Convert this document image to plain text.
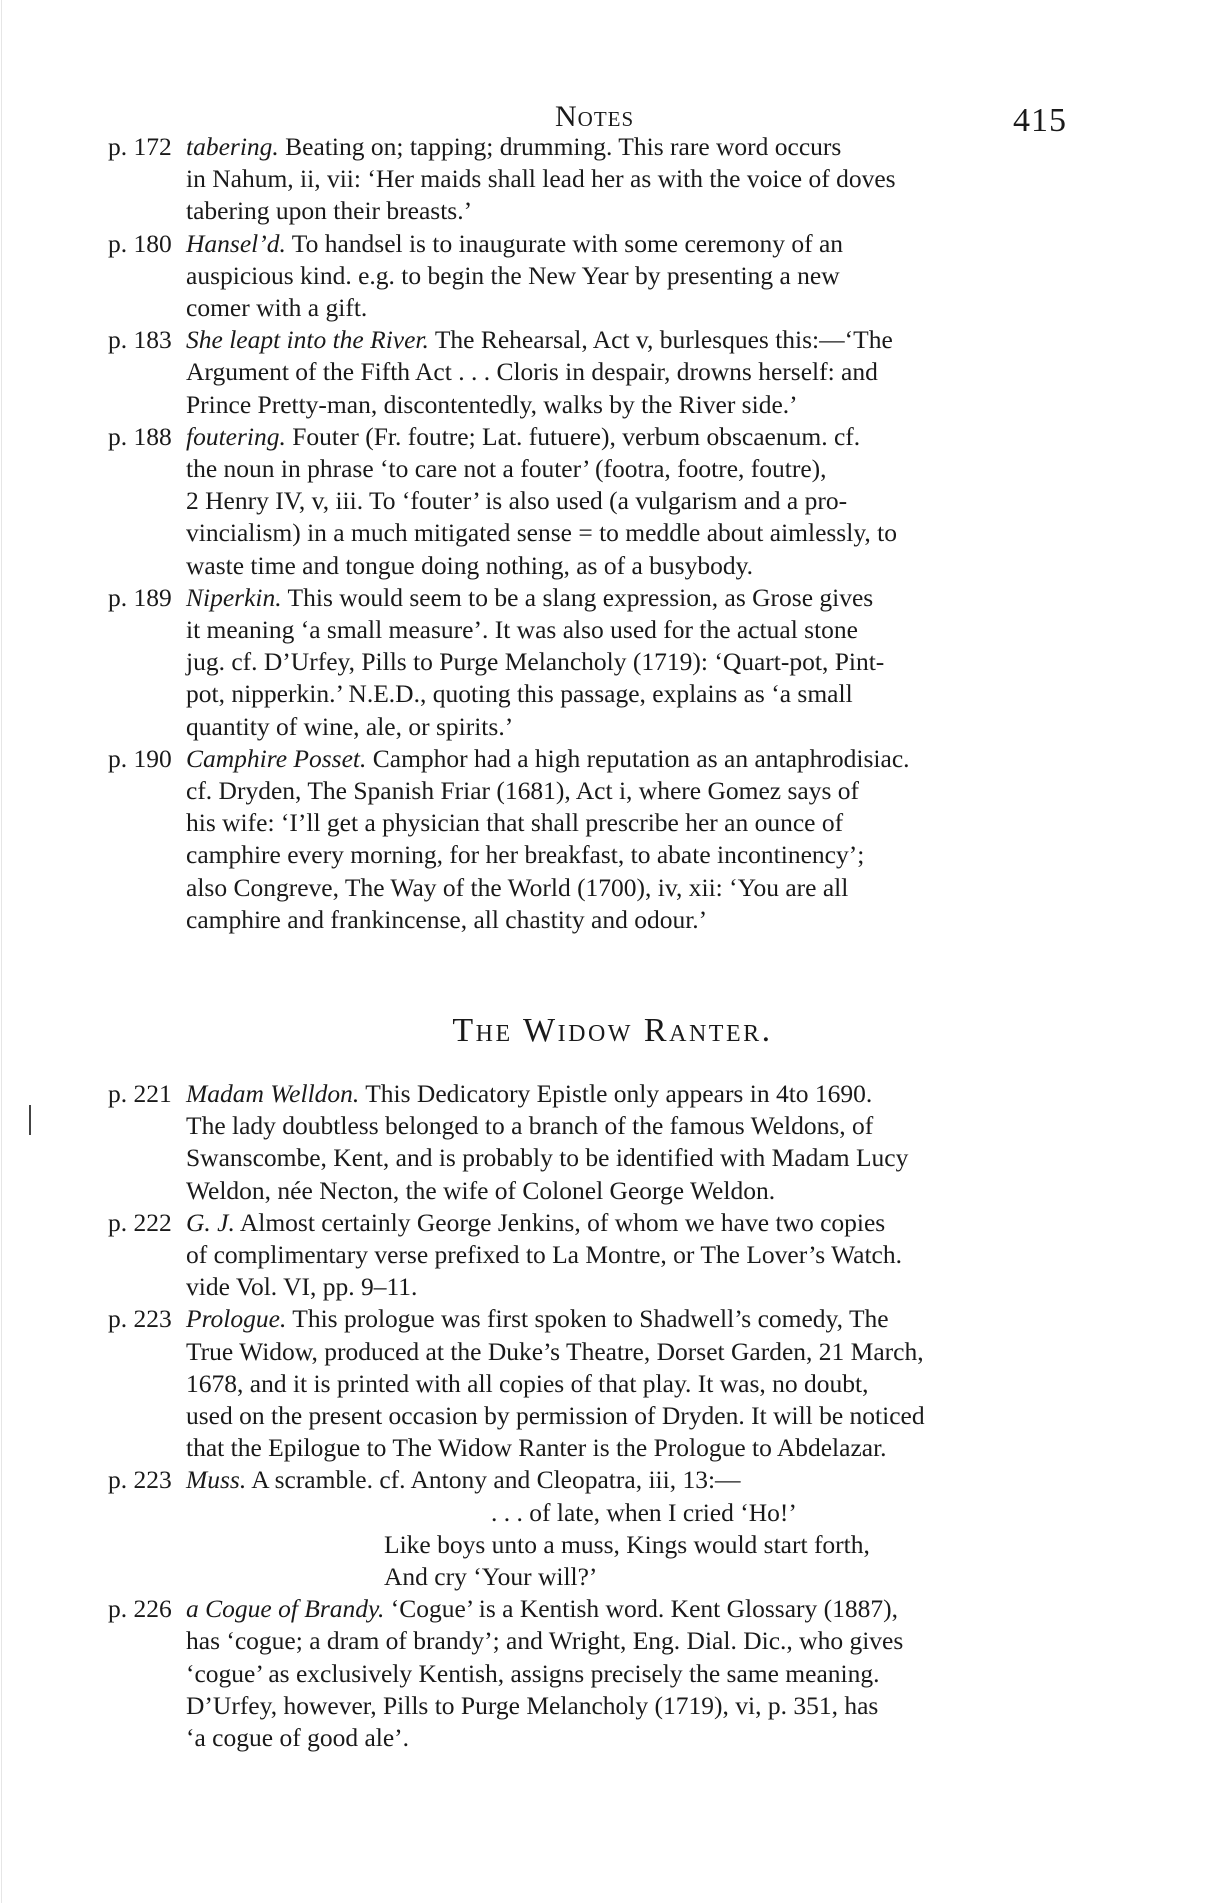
Notes	415
p. 172 tabering. Beating on; tapping; drumming. This rare word occurs
in Nahum, ii, vii: ‘Her maids shall lead her as with the voice of doves
tabering upon their breasts.’
p. 180 Hansel’d. To handsel is to inaugurate with some ceremony of an
auspicious kind. e.g. to begin the New Year by presenting a new
comer with a gift.
p. 183 She leapt into the River. The Rehearsal, Act v, burlesques this:—‘The
Argument of the Fifth Act . . . Cloris in despair, drowns herself: and
Prince Pretty-man, discontentedly, walks by the River side.’
p. 188 foutering. Fouter (Fr. foutre; Lat. futuere), verbum obscaenum. cf.
the noun in phrase ‘to care not a fouter’ (footra, footre, foutre),
2 Henry IV, v, iii. To ‘fouter’ is also used (a vulgarism and a pro-
vincialism) in a much mitigated sense = to meddle about aimlessly, to
waste time and tongue doing nothing, as of a busybody.
p. 189 Niperkin. This would seem to be a slang expression, as Grose gives
it meaning ‘a small measure’. It was also used for the actual stone
jug. cf. D’Urfey, Pills to Purge Melancholy (1719): ‘Quart-pot, Pint-
pot, nipperkin.’ N.E.D., quoting this passage, explains as ‘a small
quantity of wine, ale, or spirits.’
p. 190 Camphire Posset. Camphor had a high reputation as an antaphrodisiac.
cf. Dryden, The Spanish Friar (1681), Act i, where Gomez says of
his wife: ‘I’ll get a physician that shall prescribe her an ounce of
camphire every morning, for her breakfast, to abate incontinency’;
also Congreve, The Way of the World (1700), iv, xii: ‘You are all
camphire and frankincense, all chastity and odour.’
The Widow Ranter.
p. 221 Madam Welldon. This Dedicatory Epistle only appears in 4to 1690.
The lady doubtless belonged to a branch of the famous Weldons, of
Swanscombe, Kent, and is probably to be identified with Madam Lucy
Weldon, née Necton, the wife of Colonel George Weldon.
p. 222 G. J. Almost certainly George Jenkins, of whom we have two copies
of complimentary verse prefixed to La Montre, or The Lover’s Watch.
vide Vol. VI, pp. 9–11.
p. 223 Prologue. This prologue was first spoken to Shadwell’s comedy, The
True Widow, produced at the Duke’s Theatre, Dorset Garden, 21 March,
1678, and it is printed with all copies of that play. It was, no doubt,
used on the present occasion by permission of Dryden. It will be noticed
that the Epilogue to The Widow Ranter is the Prologue to Abdelazar.
p. 223 Muss. A scramble. cf. Antony and Cleopatra, iii, 13:—
. . . of late, when I cried ‘Ho!’
Like boys unto a muss, Kings would start forth,
And cry ‘Your will?’
p. 226 a Cogue of Brandy. ‘Cogue’ is a Kentish word. Kent Glossary (1887),
has ‘cogue; a dram of brandy’; and Wright, Eng. Dial. Dic., who gives
‘cogue’ as exclusively Kentish, assigns precisely the same meaning.
D’Urfey, however, Pills to Purge Melancholy (1719), vi, p. 351, has
‘a cogue of good ale’.
